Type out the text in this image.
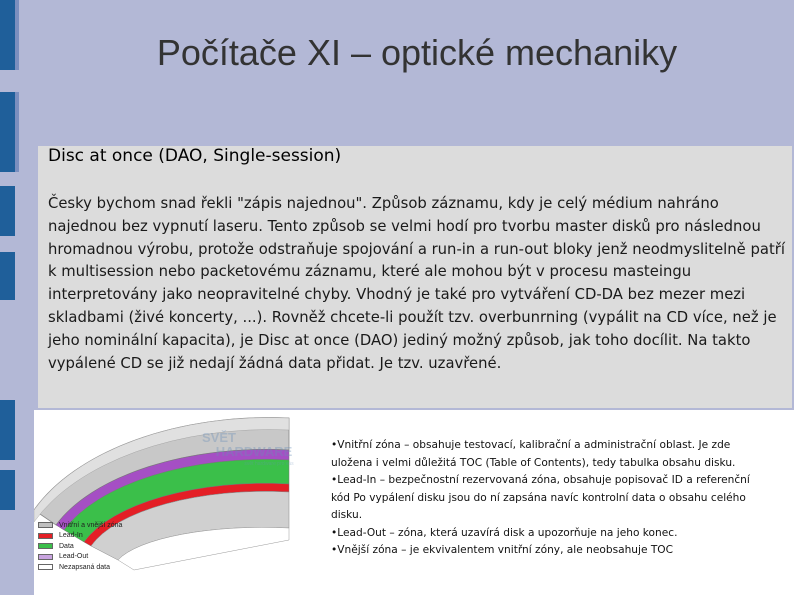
Počítače XI – optické mechaniky
Disc at once (DAO, Single-session)

Česky bychom snad řekli "zápis najednou". Způsob záznamu, kdy je celý médium nahráno najednou bez vypnutí laseru. Tento způsob se velmi hodí pro tvorbu master disků pro následnou hromadnou výrobu, protože odstraňuje spojování a run-in a run-out bloky jenž neodmyslitelně patří k multisession nebo packetovému záznamu, které ale mohou být v procesu masteingu interpretovány jako neopravitelné chyby. Vhodný je také pro vytváření CD-DA bez mezer mezi skladbami (živé koncerty, ...). Rovněž chcete-li použít tzv. overbunrning (vypálit na CD více, než je jeho nominální kapacita), je Disc at once (DAO) jediný možný způsob, jak toho docílit. Na takto vypálené CD se již nedají žádná data přidat. Je tzv. uzavřené.

SVĚT
HARDWARE
svět hardware pro vás
Vnitřní a vnější zóna
Lead-In
Data
Lead-Out
Nezapsaná data
• Vnitřní zóna – obsahuje testovací, kalibrační a administrační oblast. Je zde uložena i velmi důležitá TOC (Table of Contents), tedy tabulka obsahu disku.
• Lead-In – bezpečnostní rezervovaná zóna, obsahuje popisovač ID a referenční kód Po vypálení disku jsou do ní zapsána navíc kontrolní data o obsahu celého disku.
• Lead-Out – zóna, která uzavírá disk a upozorňuje na jeho konec.
• Vnější zóna – je ekvivalentem vnitřní zóny, ale neobsahuje TOC
